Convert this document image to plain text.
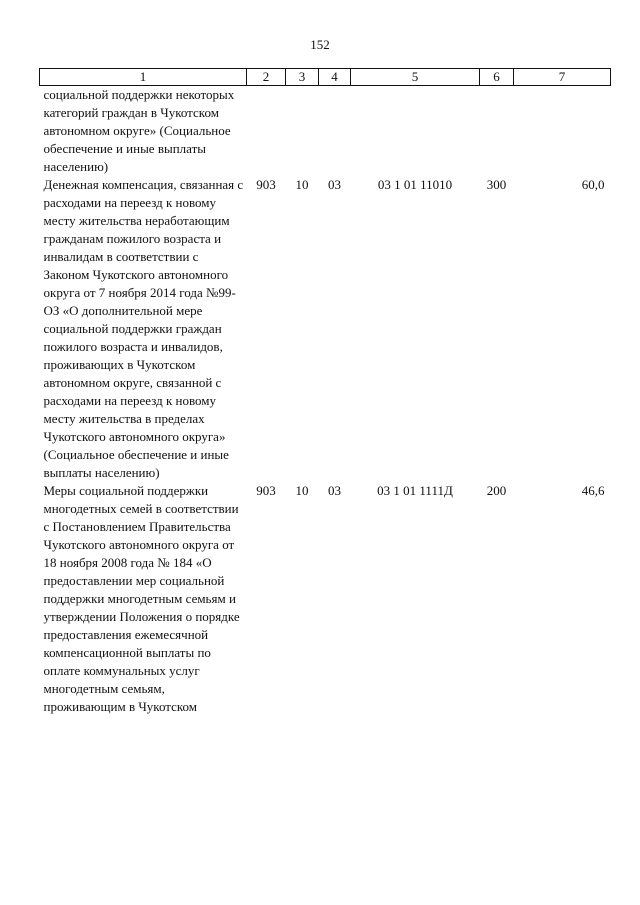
152
1	2	3	4	5	6	7
социальной поддержки некоторых категорий граждан в Чукотском автономном округе» (Социальное обеспечение и иные выплаты населению)						
Денежная компенсация, связанная с расходами на переезд к новому месту жительства неработающим гражданам пожилого возраста и инвалидам в соответствии с Законом Чукотского автономного округа от 7 ноября 2014 года №99-ОЗ «О дополнительной мере социальной поддержки граждан пожилого возраста и инвалидов, проживающих в Чукотском автономном округе, связанной с расходами на переезд к новому месту жительства в пределах Чукотского автономного округа» (Социальное обеспечение и иные выплаты населению)	903	10	03	03 1 01 11010	300	60,0
Меры социальной поддержки многодетных семей в соответствии с Постановлением Правительства Чукотского автономного округа от 18 ноября 2008 года № 184 «О предоставлении мер социальной поддержки многодетным семьям и утверждении Положения о порядке предоставления ежемесячной компенсационной выплаты по оплате коммунальных услуг многодетным семьям, проживающим в Чукотском	903	10	03	03 1 01 1111Д	200	46,6
